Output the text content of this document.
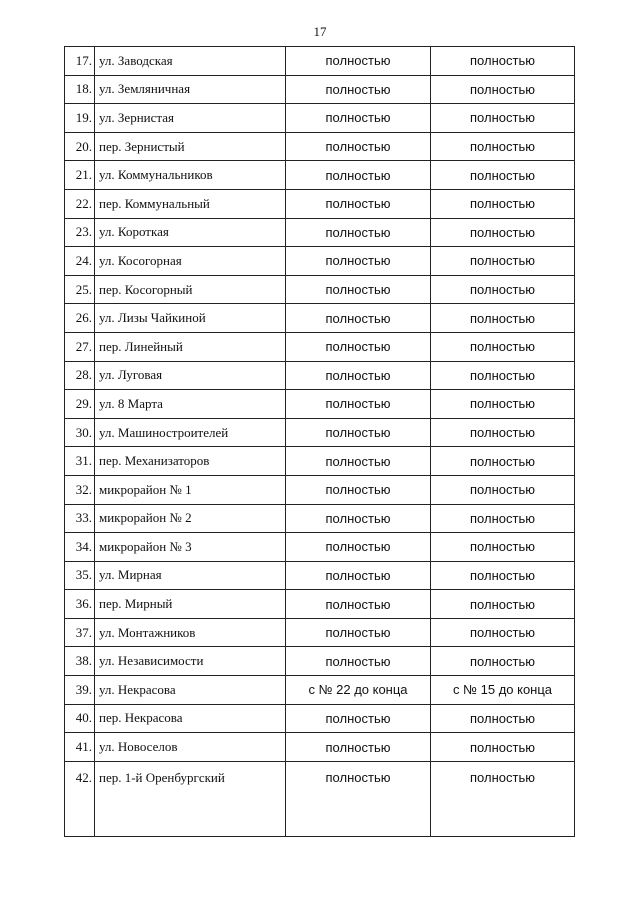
17
17.	ул. Заводская	полностью	полностью
18.	ул. Земляничная	полностью	полностью
19.	ул. Зернистая	полностью	полностью
20.	пер. Зернистый	полностью	полностью
21.	ул. Коммунальников	полностью	полностью
22.	пер. Коммунальный	полностью	полностью
23.	ул. Короткая	полностью	полностью
24.	ул. Косогорная	полностью	полностью
25.	пер. Косогорный	полностью	полностью
26.	ул. Лизы Чайкиной	полностью	полностью
27.	пер. Линейный	полностью	полностью
28.	ул. Луговая	полностью	полностью
29.	ул. 8 Марта	полностью	полностью
30.	ул. Машиностроителей	полностью	полностью
31.	пер. Механизаторов	полностью	полностью
32.	микрорайон № 1	полностью	полностью
33.	микрорайон № 2	полностью	полностью
34.	микрорайон № 3	полностью	полностью
35.	ул. Мирная	полностью	полностью
36.	пер. Мирный	полностью	полностью
37.	ул. Монтажников	полностью	полностью
38.	ул. Независимости	полностью	полностью
39.	ул. Некрасова	с № 22 до конца	с № 15 до конца
40.	пер. Некрасова	полностью	полностью
41.	ул. Новоселов	полностью	полностью
42.	пер. 1-й Оренбургский	полностью	полностью
